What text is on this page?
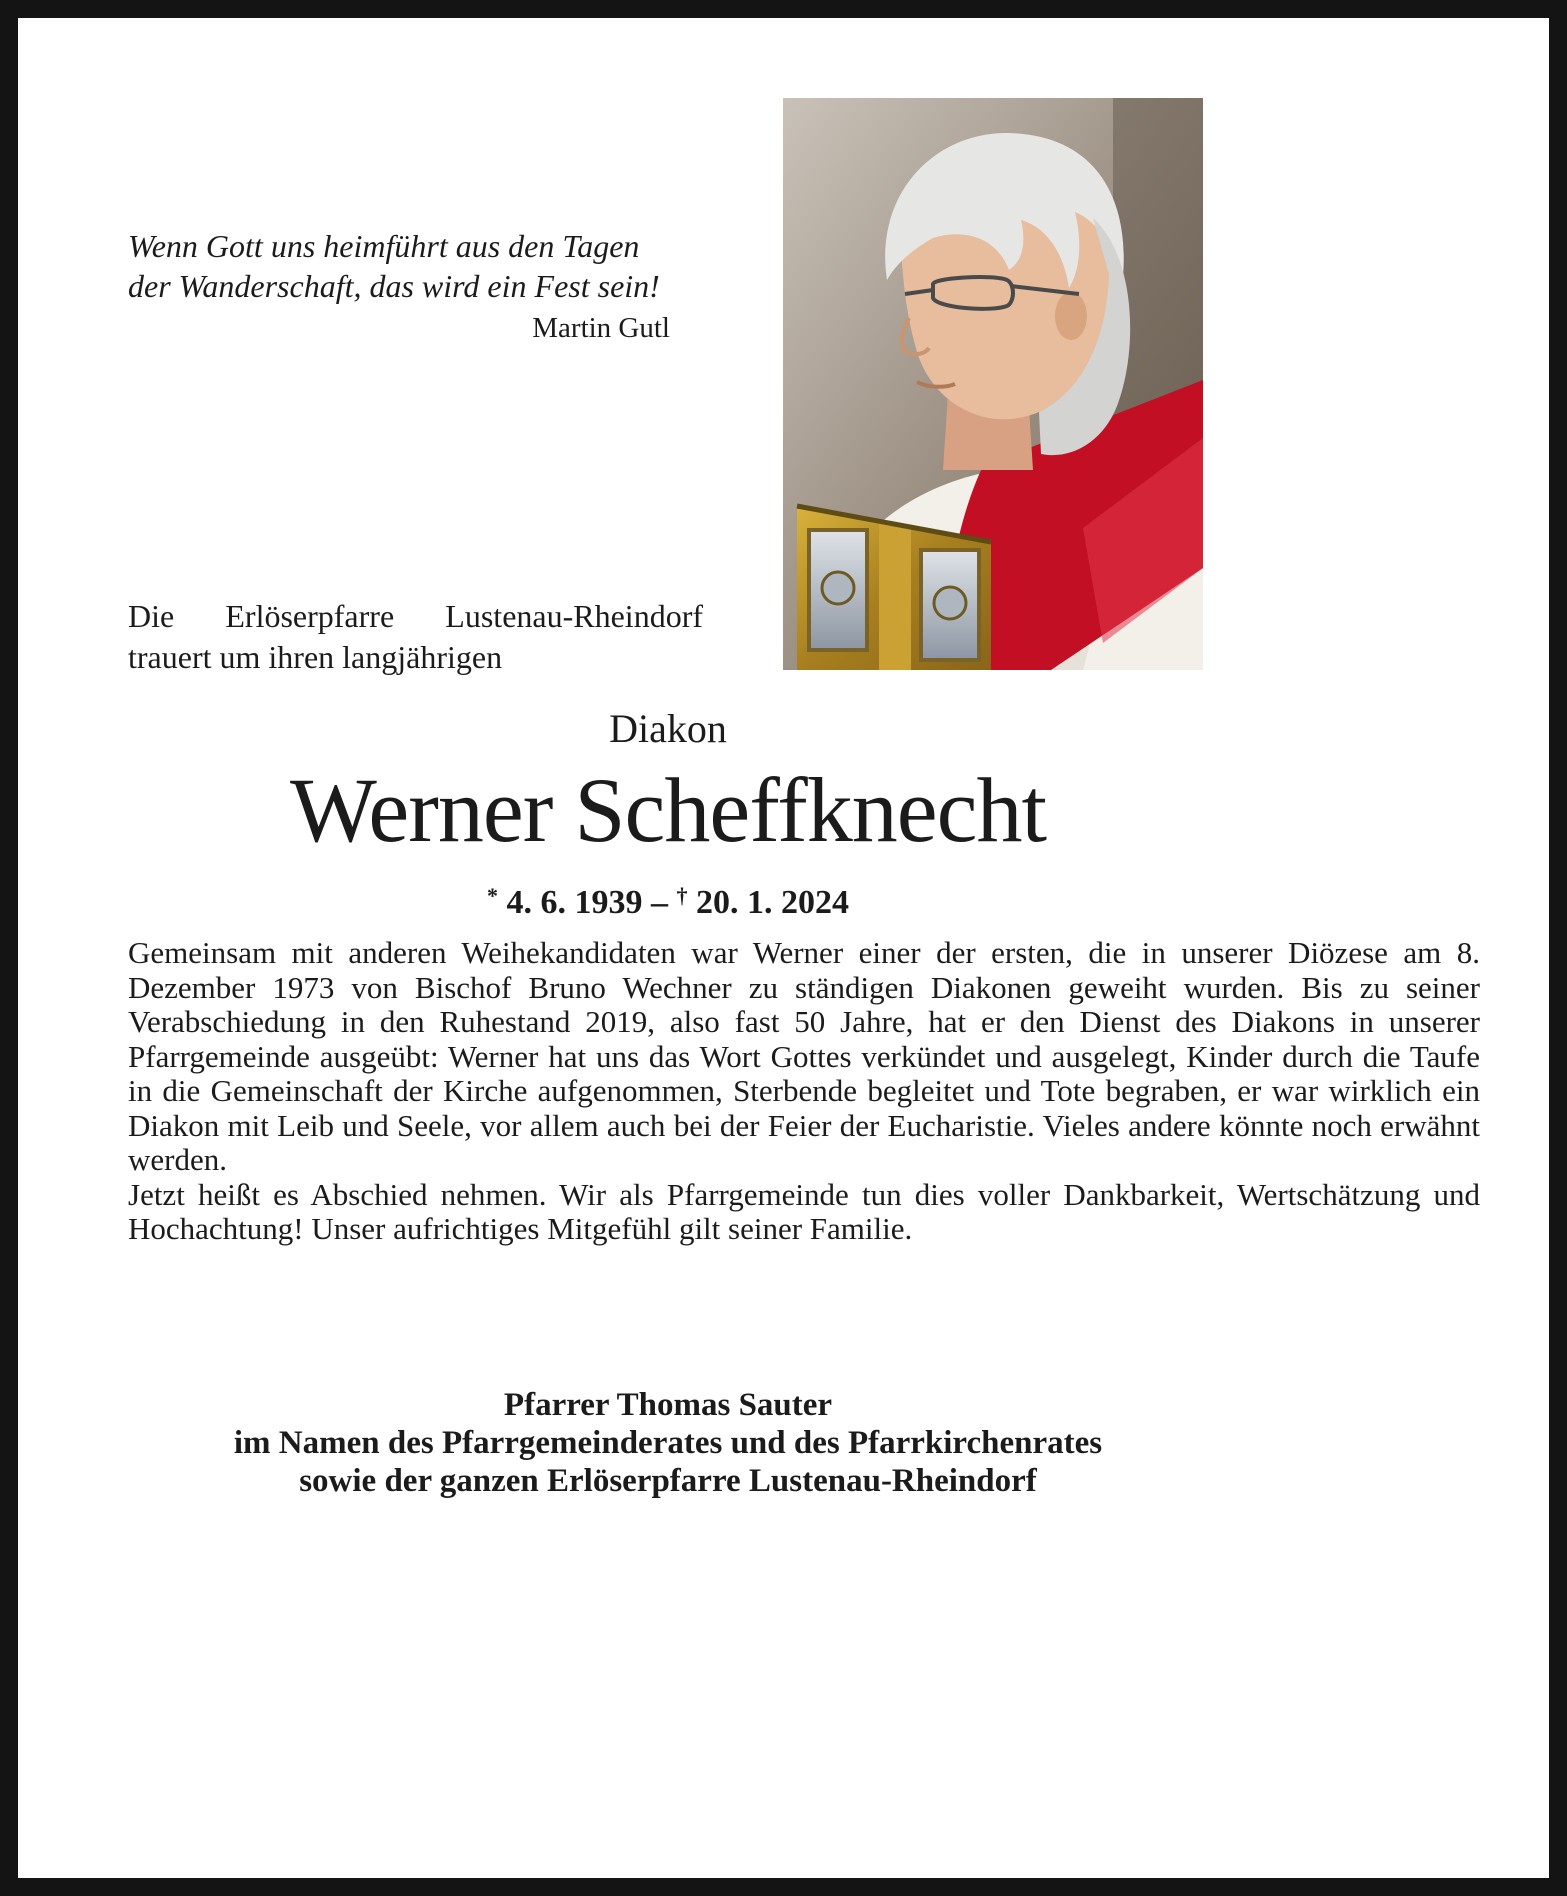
Wenn Gott uns heimführt aus den Tagen
der Wanderschaft, das wird ein Fest sein!
Martin Gutl
Die Erlöserpfarre Lustenau-Rheindorf
trauert um ihren langjährigen
Diakon
Werner Scheffknecht
* 4. 6. 1939 – † 20. 1. 2024

Gemeinsam mit anderen Weihekandidaten war Werner einer der ersten, die in unserer Diözese am 8. Dezember 1973 von Bischof Bruno Wechner zu ständigen Diakonen geweiht wurden. Bis zu seiner Verabschiedung in den Ruhestand 2019, also fast 50 Jahre, hat er den Dienst des Diakons in unserer Pfarrgemeinde ausgeübt: Werner hat uns das Wort Gottes verkündet und ausgelegt, Kinder durch die Taufe in die Gemeinschaft der Kirche aufgenommen, Sterbende begleitet und Tote begraben, er war wirklich ein Diakon mit Leib und Seele, vor allem auch bei der Feier der Eucharistie. Vieles andere könnte noch erwähnt werden.

Jetzt heißt es Abschied nehmen. Wir als Pfarrgemeinde tun dies voller Dankbarkeit, Wertschätzung und Hochachtung! Unser aufrichtiges Mitgefühl gilt seiner Familie.

Pfarrer Thomas Sauter
im Namen des Pfarrgemeinderates und des Pfarrkirchenrates
sowie der ganzen Erlöserpfarre Lustenau-Rheindorf
